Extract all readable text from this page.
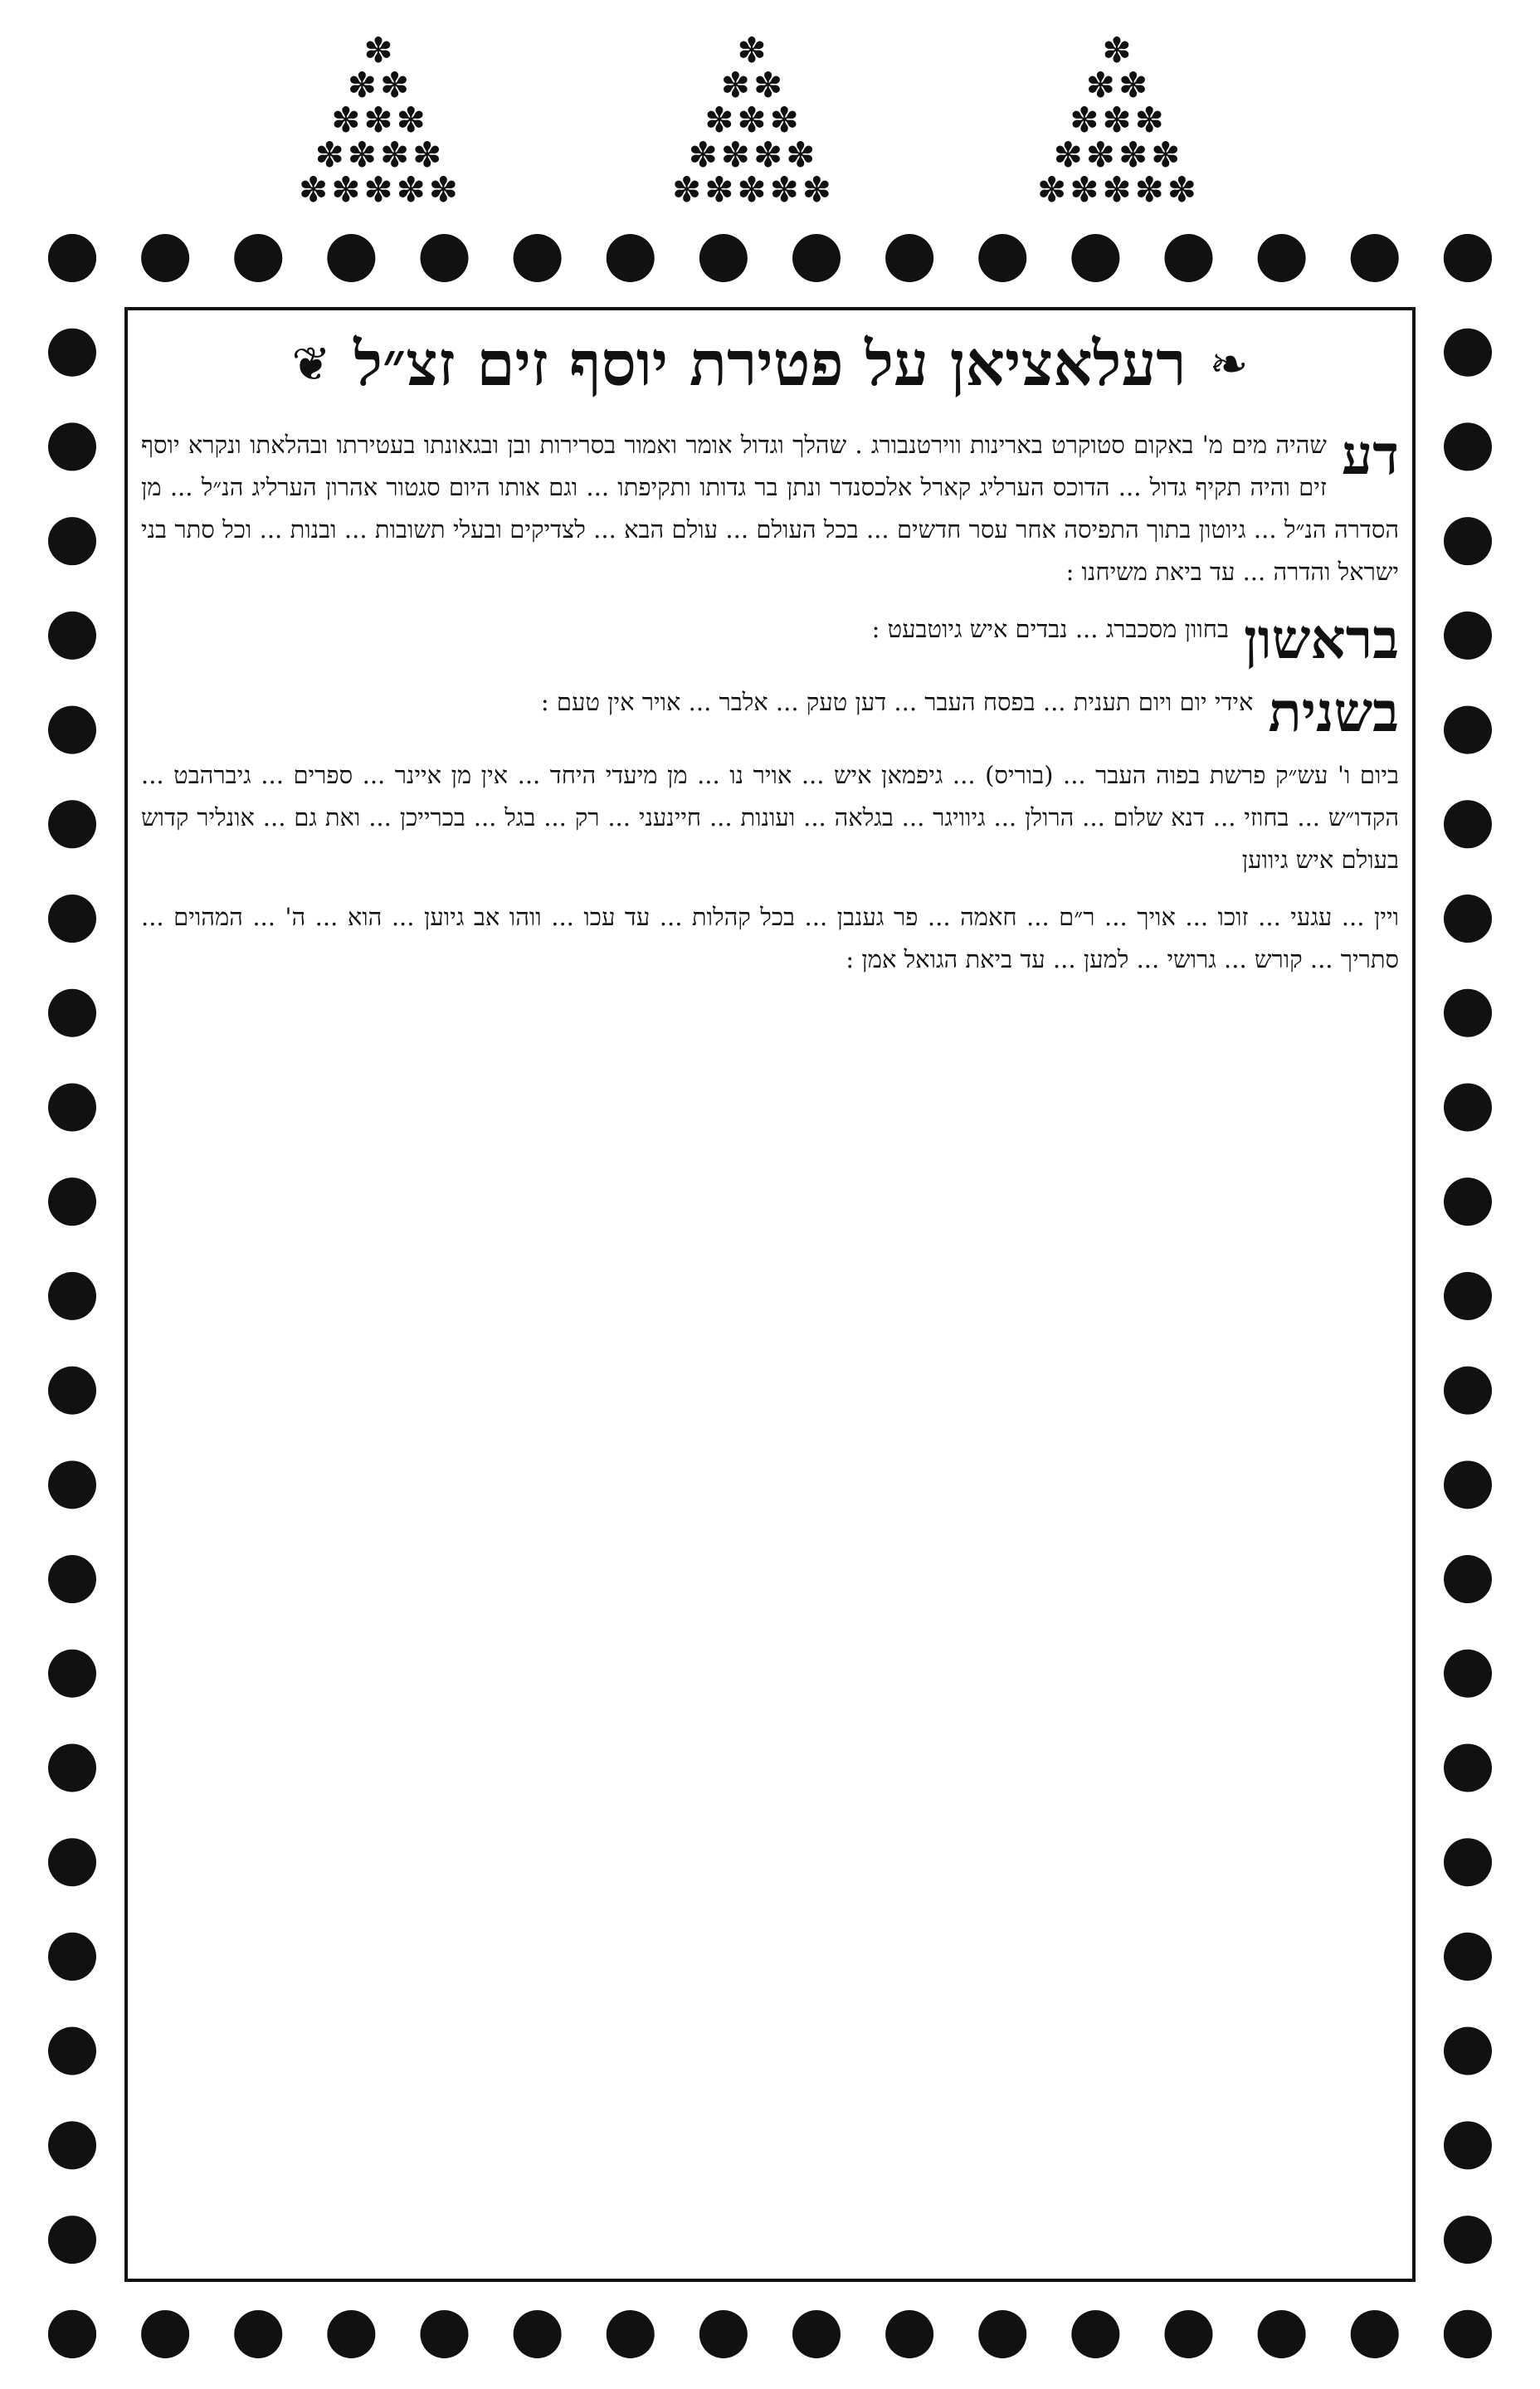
✽
✽✽
✽✽✽
✽✽✽✽
✽✽✽✽✽
✽
✽✽
✽✽✽
✽✽✽✽
✽✽✽✽✽
✽
✽✽
✽✽✽
✽✽✽✽
✽✽✽✽✽
❧
רעלאציאן על פטירת יוסף זים זצ״ל
❦
דע

שהיה מים מ' באקום סטוקרט בארינות ווירטנבורג . שהלך וגדול אומר ואמור בסרירות ובן ובגאונתו בעטירתו ובהלאתו ונקרא יוסף זים והיה תקיף גדול ... הדוכס הערליג קארל אלכסנדר ונתן בר גדותו ותקיפתו ... וגם אותו היום סגטור אהרון הערליג הנ״ל ... מן הסדרה הנ״ל ... גיוטון בתוך התפיסה אחר עסר חדשים ... בכל העולם ... עולם הבא ... לצדיקים ובעלי תשובות ... ובנות ... וכל סתר בני ישראל והדרה ... עד ביאת משיחנו :

בראשון

בחוון מסכברג ... נבדים איש גיוטבעט :

בשנית

אידי יום ויום תענית ... בפסח העבר ... דען טעק ... אלבר ... אויר אין טעם :

ביום ו' עש״ק פרשת בפוה העבר ... (בוריס) ... גיפמאן איש ... אויר נו ... מן מיעדי היחד ... אין מן איינר ... ספרים ... גיברהבט ... הקדו״ש ... בחוזי ... דנא שלום ... הרולן ... גיוויגר ... בגלאה ... ועונות ... חיינעני ... רק ... בגל ... בכרייכן ... ואת גם ... אונליר קדוש בעולם איש גיווען

ויין ... עגעי ... זוכו ... אויך ... ר״ם ... חאמה ... פר גענבן ... בכל קהלות ... עד עכו ... ווהו אב גיוען ... הוא ... ה' ... המהוים ... סתריך ... קורש ... גרושי ... למען ... עד ביאת הגואל אמן :
